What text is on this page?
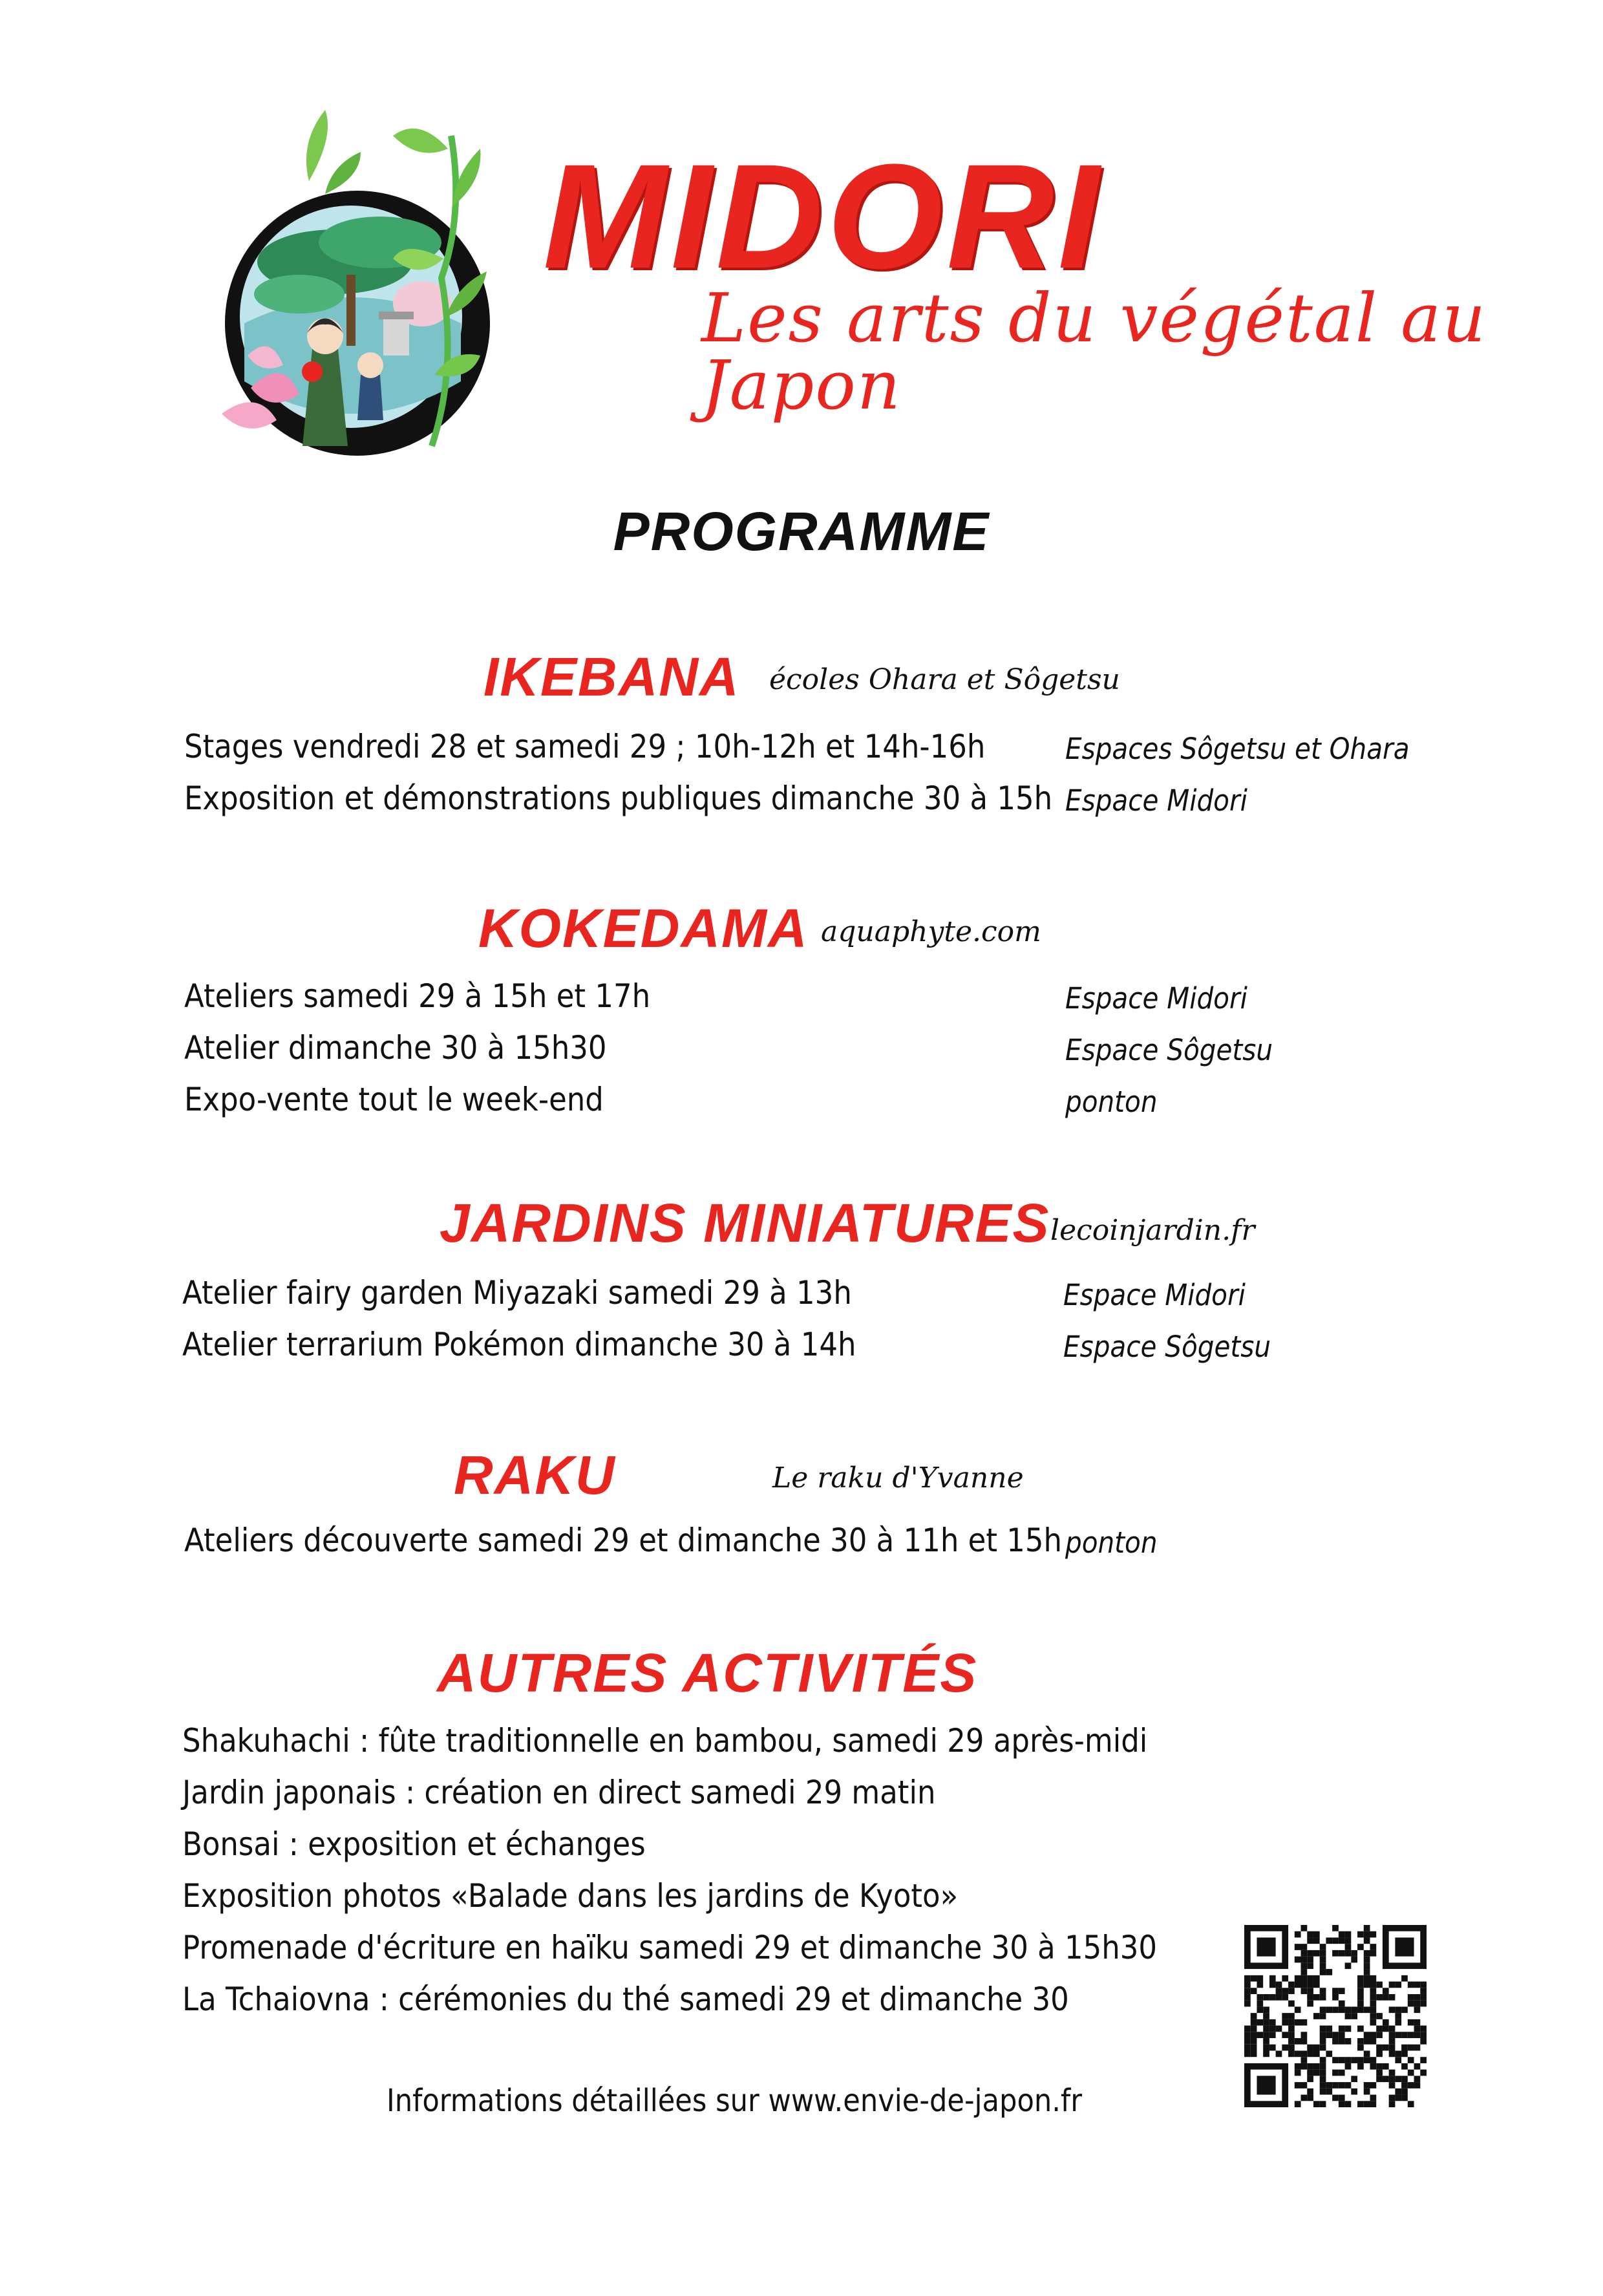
MIDORI
Les arts du végétal au Japon
PROGRAMME
IKEBANA écoles Ohara et Sôgetsu
Stages vendredi 28 et samedi 29 ; 10h-12h et 14h-16h	Espaces Sôgetsu et Ohara
Exposition et démonstrations publiques dimanche 30 à 15h Espace Midori
KOKEDAMA aquaphyte.com
Ateliers samedi 29 à 15h et 17h	Espace Midori
Atelier dimanche 30 à 15h30	Espace Sôgetsu
Expo-vente tout le week-end	ponton
JARDINS MINIATURES lecoinjardin.fr
Atelier fairy garden Miyazaki samedi 29 à 13h	Espace Midori
Atelier terrarium Pokémon dimanche 30 à 14h	Espace Sôgetsu
RAKU	Le raku d'Yvanne
Ateliers découverte samedi 29 et dimanche 30 à 11h et 15h ponton
AUTRES ACTIVITÉS
Shakuhachi : fûte traditionnelle en bambou, samedi 29 après-midi
Jardin japonais : création en direct samedi 29 matin
Bonsai : exposition et échanges
Exposition photos «Balade dans les jardins de Kyoto»
Promenade d'écriture en haïku samedi 29 et dimanche 30 à 15h30
La Tchaiovna : cérémonies du thé samedi 29 et dimanche 30
Informations détaillées sur www.envie-de-japon.fr
